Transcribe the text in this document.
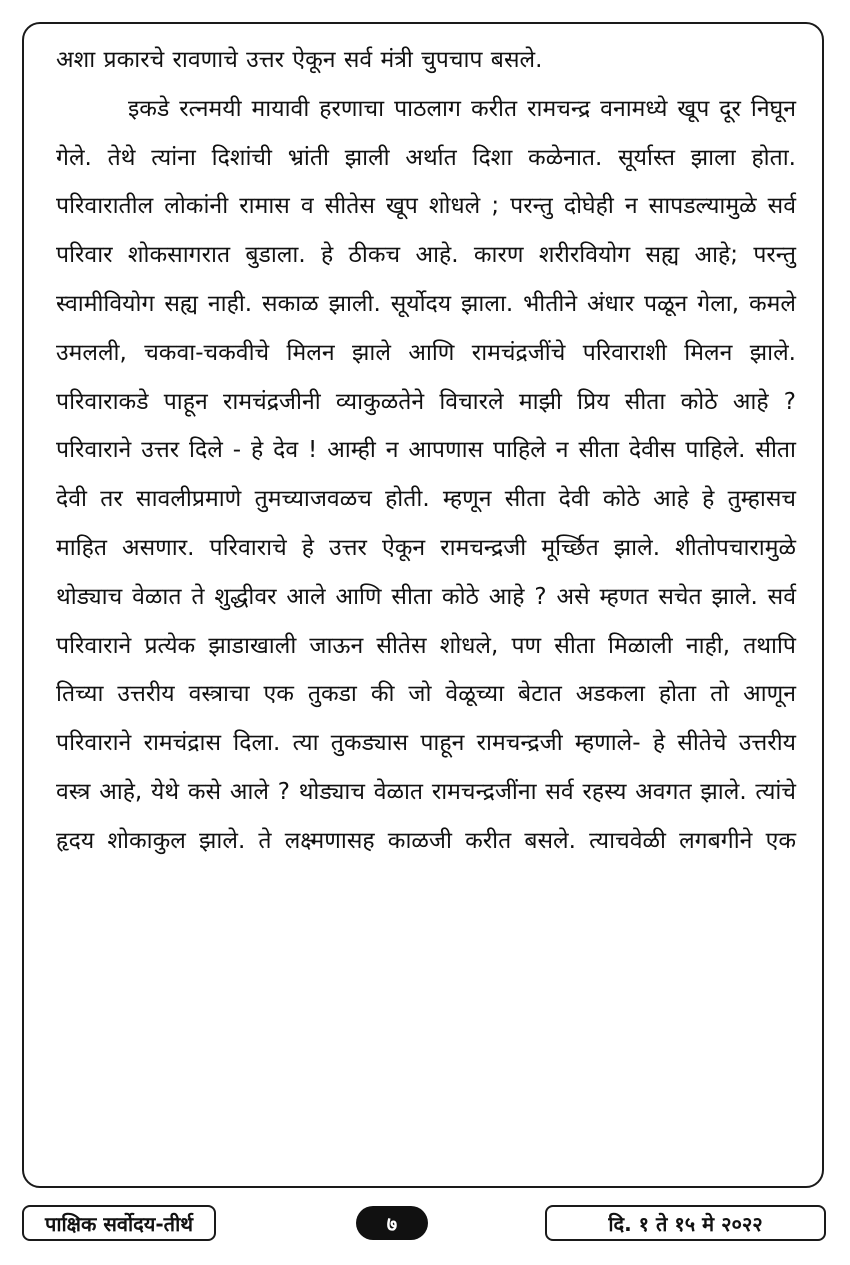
अशा प्रकारचे रावणाचे उत्तर ऐकून सर्व मंत्री चुपचाप बसले.

इकडे रत्नमयी मायावी हरणाचा पाठलाग करीत रामचन्द्र वनामध्ये खूप दूर निघून गेले. तेथे त्यांना दिशांची भ्रांती झाली अर्थात दिशा कळेनात. सूर्यास्त झाला होता. परिवारातील लोकांनी रामास व सीतेस खूप शोधले ; परन्तु दोघेही न सापडल्यामुळे सर्व परिवार शोकसागरात बुडाला. हे ठीकच आहे. कारण शरीरवियोग सह्य आहे; परन्तु स्वामीवियोग सह्य नाही. सकाळ झाली. सूर्योदय झाला. भीतीने अंधार पळून गेला, कमले उमलली, चकवा-चकवीचे मिलन झाले आणि रामचंद्रजींचे परिवाराशी मिलन झाले. परिवाराकडे पाहून रामचंद्रजीनी व्याकुळतेने विचारले माझी प्रिय सीता कोठे आहे ? परिवाराने उत्तर दिले - हे देव ! आम्ही न आपणास पाहिले न सीता देवीस पाहिले. सीता देवी तर सावलीप्रमाणे तुमच्याजवळच होती. म्हणून सीता देवी कोठे आहे हे तुम्हासच माहित असणार. परिवाराचे हे उत्तर ऐकून रामचन्द्रजी मूर्च्छित झाले. शीतोपचारामुळे थोड्याच वेळात ते शुद्धीवर आले आणि सीता कोठे आहे ? असे म्हणत सचेत झाले. सर्व परिवाराने प्रत्येक झाडाखाली जाऊन सीतेस शोधले, पण सीता मिळाली नाही, तथापि तिच्या उत्तरीय वस्त्राचा एक तुकडा की जो वेळूच्या बेटात अडकला होता तो आणून परिवाराने रामचंद्रास दिला. त्या तुकड्यास पाहून रामचन्द्रजी म्हणाले- हे सीतेचे उत्तरीय वस्त्र आहे, येथे कसे आले ? थोड्याच वेळात रामचन्द्रजींना सर्व रहस्य अवगत झाले. त्यांचे हृदय शोकाकुल झाले. ते लक्ष्मणासह काळजी करीत बसले. त्याचवेळी लगबगीने एक

पाक्षिक सर्वोदय-तीर्थ	७	दि. १ ते १५ मे २०२२
